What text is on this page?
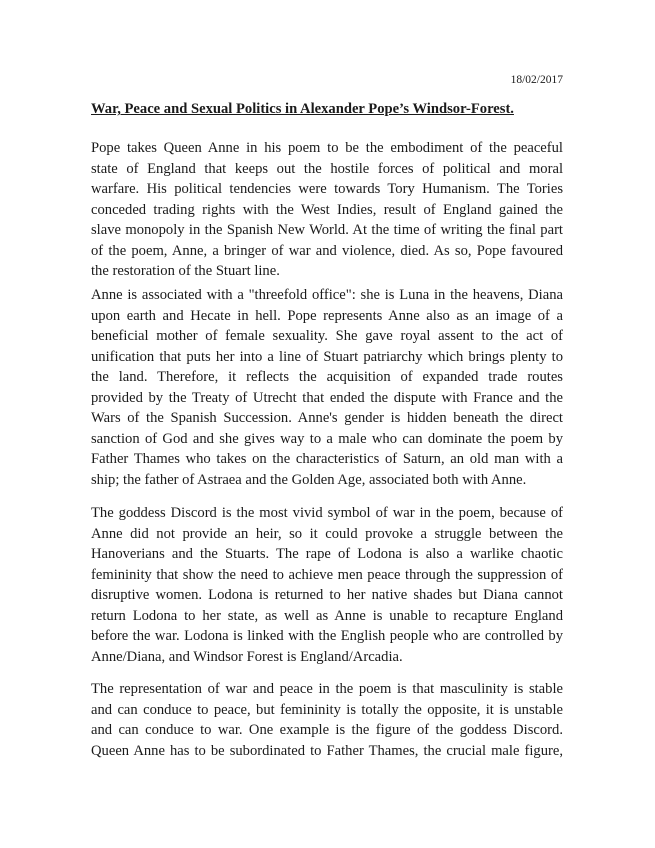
18/02/2017
War, Peace and Sexual Politics in Alexander Pope’s Windsor-Forest.
Pope takes Queen Anne in his poem to be the embodiment of the peaceful
state of England that keeps out the hostile forces of political and moral
warfare. His political tendencies were towards Tory Humanism. The Tories
conceded trading rights with the West Indies, result of England gained the
slave monopoly in the Spanish New World. At the time of writing the final part
of the poem, Anne, a bringer of war and violence, died. As so, Pope favoured
the restoration of the Stuart line.
Anne is associated with a "threefold office": she is Luna in the heavens, Diana
upon earth and Hecate in hell. Pope represents Anne also as an image of a
beneficial mother of female sexuality. She gave royal assent to the act of
unification that puts her into a line of Stuart patriarchy which brings plenty to
the land. Therefore, it reflects the acquisition of expanded trade routes
provided by the Treaty of Utrecht that ended the dispute with France and the
Wars of the Spanish Succession. Anne's gender is hidden beneath the direct
sanction of God and she gives way to a male who can dominate the poem by
Father Thames who takes on the characteristics of Saturn, an old man with a
ship; the father of Astraea and the Golden Age, associated both with Anne.
The goddess Discord is the most vivid symbol of war in the poem, because of
Anne did not provide an heir, so it could provoke a struggle between the
Hanoverians and the Stuarts. The rape of Lodona is also a warlike chaotic
femininity that show the need to achieve men peace through the suppression of
disruptive women. Lodona is returned to her native shades but Diana cannot
return Lodona to her state, as well as Anne is unable to recapture England
before the war. Lodona is linked with the English people who are controlled by
Anne/Diana, and Windsor Forest is England/Arcadia.
The representation of war and peace in the poem is that masculinity is stable
and can conduce to peace, but femininity is totally the opposite, it is unstable
and can conduce to war. One example is the figure of the goddess Discord.
Queen Anne has to be subordinated to Father Thames, the crucial male figure,
